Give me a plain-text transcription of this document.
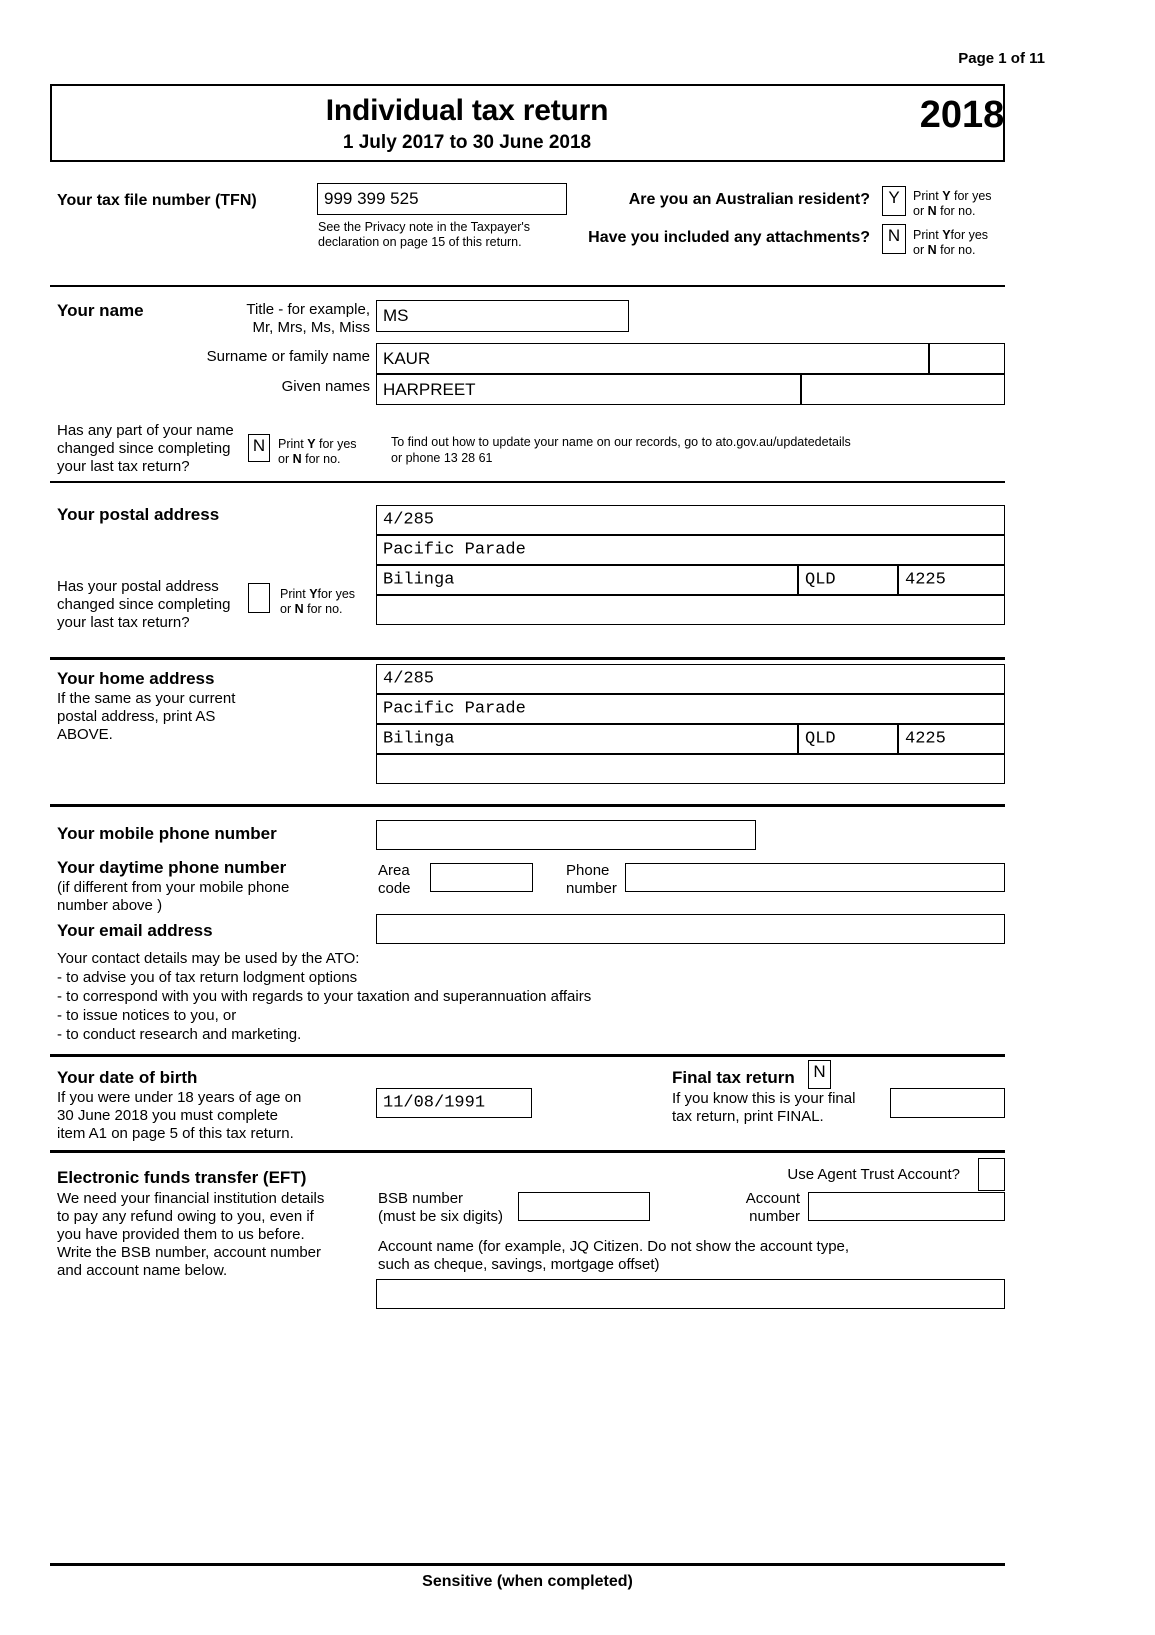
Page 1 of 11
Individual tax return
1 July 2017 to 30 June 2018
2018
Your tax file number (TFN)	999 399 525
See the Privacy note in the Taxpayer's
declaration on page 15 of this return.
Are you an Australian resident?	Y	Print Y for yes
or N for no.
Have you included any attachments?	N	Print Yfor yes
or N for no.
Your name	Title - for example,
Mr, Mrs, Ms, Miss
MS
Surname or family name KAUR
Given names HARPREET
Has any part of your name
changed since completing
your last tax return?
N	Print Y for yes
or N for no.
To find out how to update your name on our records, go to ato.gov.au/updatedetails
or phone 13 28 61
Your postal address	4/285
Pacific Parade
Bilinga	QLD	4225
Has your postal address
changed since completing
your last tax return?
Print Yfor yes
or N for no.
Your home address
If the same as your current
postal address, print AS
ABOVE.
4/285
Pacific Parade
Bilinga	QLD	4225
Your mobile phone number
Your daytime phone number
(if different from your mobile phone
number above )
Area
code
Phone
number
Your email address
Your contact details may be used by the ATO:
- to advise you of tax return lodgment options
- to correspond with you with regards to your taxation and superannuation affairs
- to issue notices to you, or
- to conduct research and marketing.
Your date of birth
If you were under 18 years of age on
30 June 2018 you must complete
item A1 on page 5 of this tax return.
11/08/1991
Final tax return	N
If you know this is your final
tax return, print FINAL.
Electronic funds transfer (EFT)
We need your financial institution details
to pay any refund owing to you, even if
you have provided them to us before.
Write the BSB number, account number
and account name below.
Use Agent Trust Account?
BSB number
(must be six digits)
Account
number
Account name (for example, JQ Citizen. Do not show the account type,
such as cheque, savings, mortgage offset)
Sensitive (when completed)
